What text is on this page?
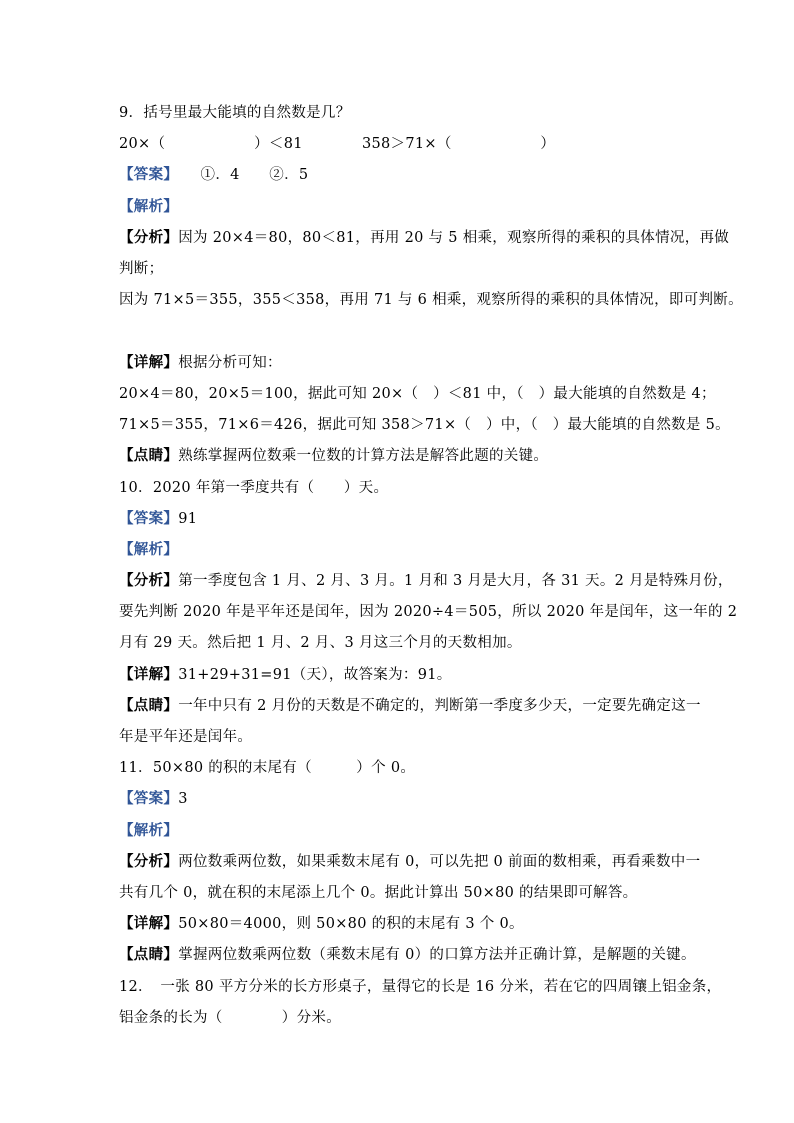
9．括号里最大能填的自然数是几？
20×（　　　　　　）＜81　　　　358＞71×（　　　　　　）
【答案】　　①．4　　②．5
【解析】
【分析】因为 20×4＝80，80＜81，再用 20 与 5 相乘，观察所得的乘积的具体情况，再做
判断；
因为 71×5＝355，355＜358，再用 71 与 6 相乘，观察所得的乘积的具体情况，即可判断。
【详解】根据分析可知：
20×4＝80，20×5＝100，据此可知 20×（　）＜81 中，（　）最大能填的自然数是 4；
71×5＝355，71×6＝426，据此可知 358＞71×（　）中，（　）最大能填的自然数是 5。
【点睛】熟练掌握两位数乘一位数的计算方法是解答此题的关键。
10．2020 年第一季度共有（　　）天。
【答案】91
【解析】
【分析】第一季度包含 1 月、2 月、3 月。1 月和 3 月是大月，各 31 天。2 月是特殊月份，
要先判断 2020 年是平年还是闰年，因为 2020÷4＝505，所以 2020 年是闰年，这一年的 2
月有 29 天。然后把 1 月、2 月、3 月这三个月的天数相加。
【详解】31+29+31=91（天），故答案为：91。
【点睛】一年中只有 2 月份的天数是不确定的，判断第一季度多少天，一定要先确定这一
年是平年还是闰年。
11．50×80 的积的末尾有（　　　）个 0。
【答案】3
【解析】
【分析】两位数乘两位数，如果乘数末尾有 0，可以先把 0 前面的数相乘，再看乘数中一
共有几个 0，就在积的末尾添上几个 0。据此计算出 50×80 的结果即可解答。
【详解】50×80＝4000，则 50×80 的积的末尾有 3 个 0。
【点睛】掌握两位数乘两位数（乘数末尾有 0）的口算方法并正确计算，是解题的关键。
12．　一张 80 平方分米的长方形桌子，量得它的长是 16 分米，若在它的四周镶上铝金条，
铝金条的长为（　　　　）分米。
